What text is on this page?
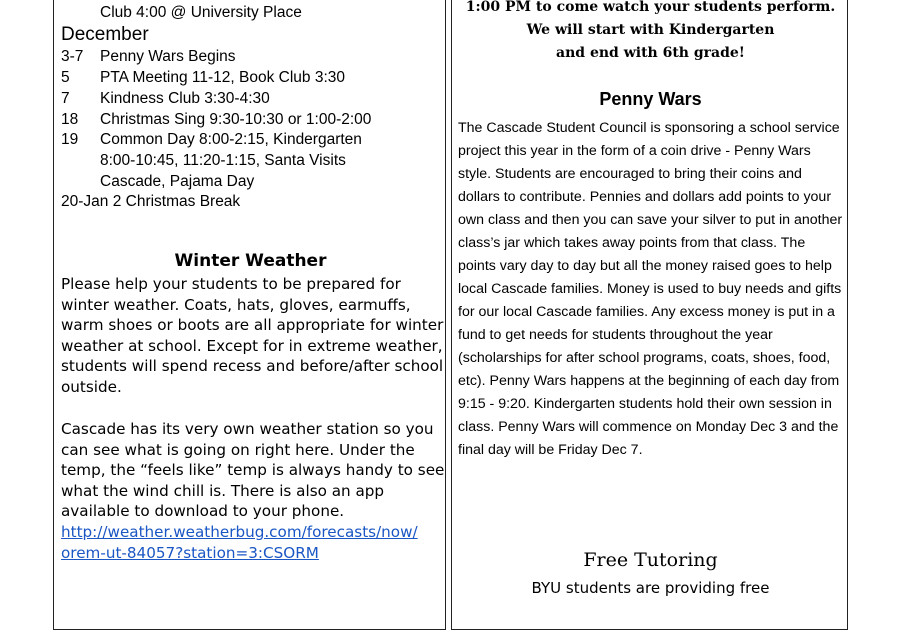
Club 4:00 @ University Place
December
3-7	Penny Wars Begins
5	PTA Meeting 11-12, Book Club 3:30
7	Kindness Club 3:30-4:30
18	Christmas Sing 9:30-10:30 or 1:00-2:00
19	Common Day 8:00-2:15, Kindergarten
8:00-10:45, 11:20-1:15, Santa Visits
Cascade, Pajama Day
20-Jan 2 Christmas Break
Winter Weather

Please help your students to be prepared for winter weather. Coats, hats, gloves, earmuffs, warm shoes or boots are all appropriate for winter weather at school. Except for in extreme weather, students will spend recess and before/after school outside.

Cascade has its very own weather station so you can see what is going on right here. Under the temp, the “feels like” temp is always handy to see what the wind chill is. There is also an app available to download to your phone.
http://weather.weatherbug.com/forecasts/now/
orem-ut-84057?station=3:CSORM

1:00 PM to come watch your students perform.
We will start with Kindergarten
and end with 6th grade!
Penny Wars

The Cascade Student Council is sponsoring a school service project this year in the form of a coin drive - Penny Wars style. Students are encouraged to bring their coins and dollars to contribute. Pennies and dollars add points to your own class and then you can save your silver to put in another class’s jar which takes away points from that class. The points vary day to day but all the money raised goes to help local Cascade families. Money is used to buy needs and gifts for our local Cascade families. Any excess money is put in a fund to get needs for students throughout the year (scholarships for after school programs, coats, shoes, food, etc). Penny Wars happens at the beginning of each day from 9:15 - 9:20. Kindergarten students hold their own session in class. Penny Wars will commence on Monday Dec 3 and the final day will be Friday Dec 7.

Free Tutoring
BYU students are providing free
